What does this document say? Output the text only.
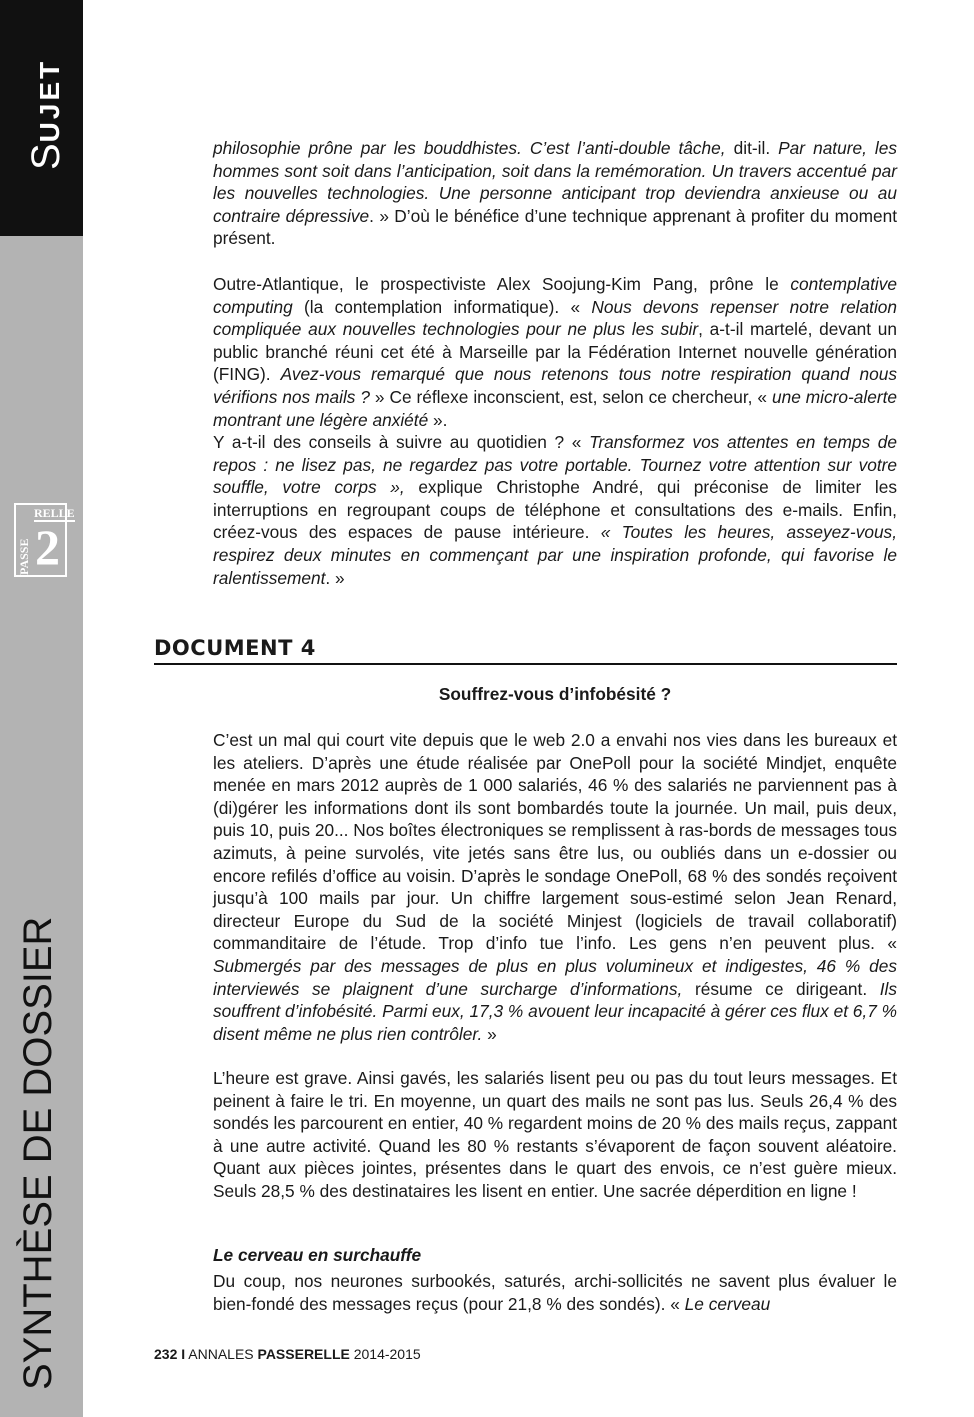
SUJET
RELLE
PASSE 2
SYNTHÈSE DE DOSSIER
philosophie prône par les bouddhistes. C’est l’anti-double tâche, dit-il. Par nature, les hommes sont soit dans l’anticipation, soit dans la remémoration. Un travers accentué par les nouvelles technologies. Une personne anticipant trop deviendra anxieuse ou au contraire dépressive. » D’où le bénéfice d’une technique apprenant à profiter du moment présent.
Outre-Atlantique, le prospectiviste Alex Soojung-Kim Pang, prône le contemplative computing (la contemplation informatique). « Nous devons repenser notre relation compliquée aux nouvelles technologies pour ne plus les subir, a-t-il martelé, devant un public branché réuni cet été à Marseille par la Fédération Internet nouvelle génération (FING). Avez-vous remarqué que nous retenons tous notre respiration quand nous vérifions nos mails ? » Ce réflexe inconscient, est, selon ce chercheur, « une micro-alerte montrant une légère anxiété ».
Y a-t-il des conseils à suivre au quotidien ? « Transformez vos attentes en temps de repos : ne lisez pas, ne regardez pas votre portable. Tournez votre attention sur votre souffle, votre corps », explique Christophe André, qui préconise de limiter les interruptions en regroupant coups de téléphone et consultations des e-mails. Enfin, créez-vous des espaces de pause intérieure. « Toutes les heures, asseyez-vous, respirez deux minutes en commençant par une inspiration profonde, qui favorise le ralentissement. »
DOCUMENT 4
Souffrez-vous d’infobésité ?
C’est un mal qui court vite depuis que le web 2.0 a envahi nos vies dans les bureaux et les ateliers. D’après une étude réalisée par OnePoll pour la société Mindjet, enquête menée en mars 2012 auprès de 1 000 salariés, 46 % des salariés ne parviennent pas à (di)gérer les informations dont ils sont bombardés toute la journée. Un mail, puis deux, puis 10, puis 20... Nos boîtes électroniques se remplissent à ras-bords de messages tous azimuts, à peine survolés, vite jetés sans être lus, ou oubliés dans un e-dossier ou encore refilés d’office au voisin. D’après le sondage OnePoll, 68 % des sondés reçoivent jusqu’à 100 mails par jour. Un chiffre largement sous-estimé selon Jean Renard, directeur Europe du Sud de la société Minjest (logiciels de travail collaboratif) commanditaire de l’étude. Trop d’info tue l’info. Les gens n’en peuvent plus. « Submergés par des messages de plus en plus volumineux et indigestes, 46 % des interviewés se plaignent d’une surcharge d’informations, résume ce dirigeant. Ils souffrent d’infobésité. Parmi eux, 17,3 % avouent leur incapacité à gérer ces flux et 6,7 % disent même ne plus rien contrôler. »
L’heure est grave. Ainsi gavés, les salariés lisent peu ou pas du tout leurs messages. Et peinent à faire le tri. En moyenne, un quart des mails ne sont pas lus. Seuls 26,4 % des sondés les parcourent en entier, 40 % regardent moins de 20 % des mails reçus, zappant à une autre activité. Quand les 80 % restants s’évaporent de façon souvent aléatoire. Quant aux pièces jointes, présentes dans le quart des envois, ce n’est guère mieux. Seuls 28,5 % des destinataires les lisent en entier. Une sacrée déperdition en ligne !
Le cerveau en surchauffe
Du coup, nos neurones surbookés, saturés, archi-sollicités ne savent plus évaluer le bien-fondé des messages reçus (pour 21,8 % des sondés). « Le cerveau
232 I ANNALES PASSERELLE 2014-2015
